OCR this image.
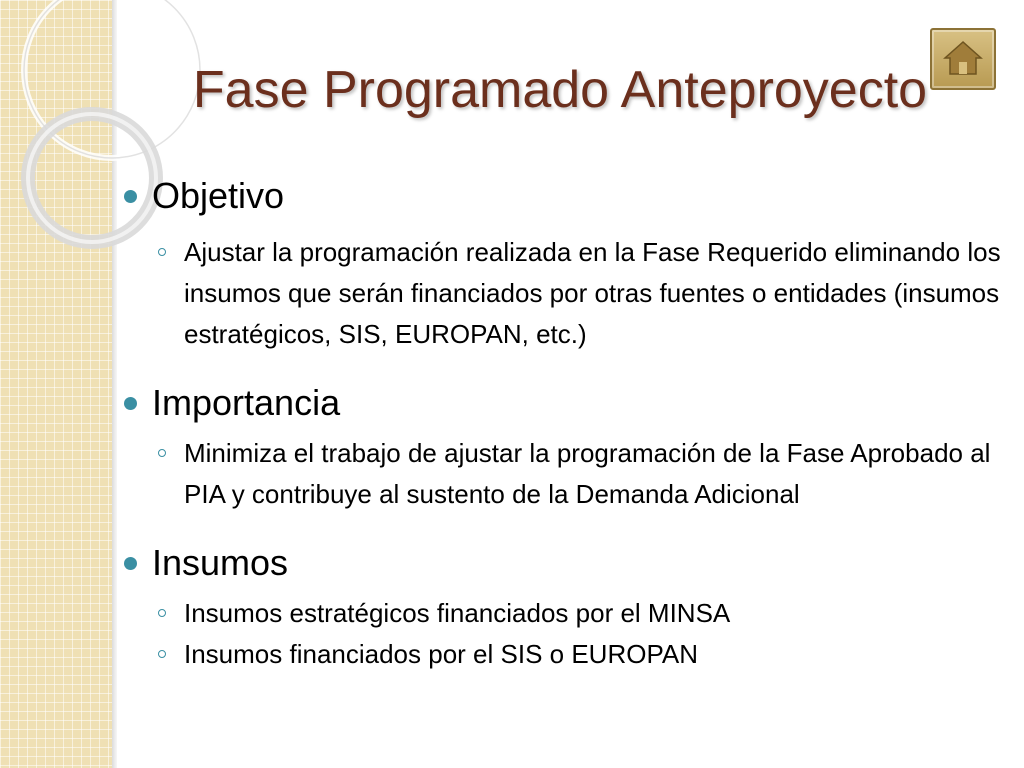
Fase Programado Anteproyecto
Objetivo
Ajustar la programación realizada en la Fase Requerido eliminando los insumos que serán financiados por otras fuentes o entidades (insumos estratégicos, SIS, EUROPAN, etc.)
Importancia
Minimiza el trabajo de ajustar la programación de la Fase Aprobado al PIA y contribuye al sustento de la Demanda Adicional
Insumos
Insumos estratégicos financiados por el MINSA
Insumos financiados por el SIS o EUROPAN
